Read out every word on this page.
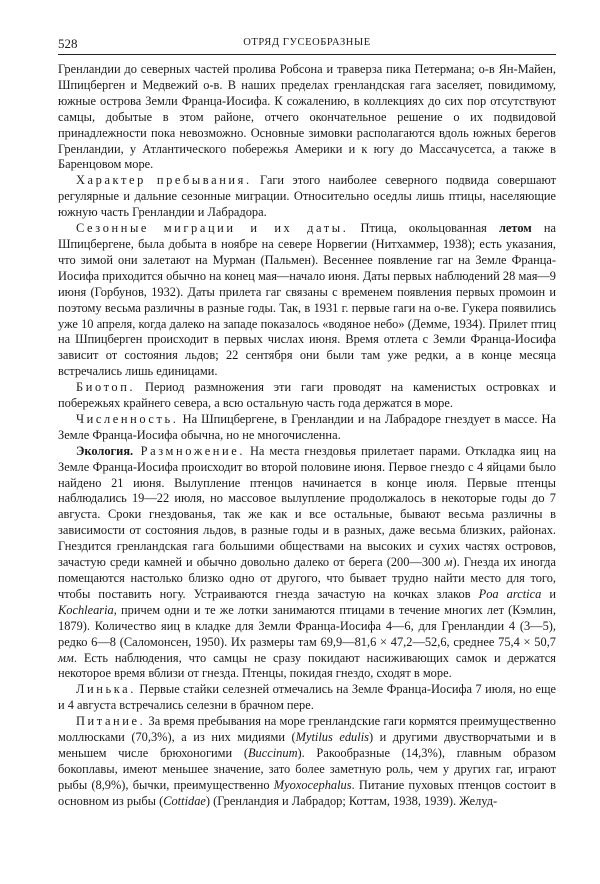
528	ОТРЯД ГУСЕОБРАЗНЫЕ

Гренландии до северных частей пролива Робсона и траверза пика Петермана; о-в Ян-Майен, Шпицберген и Медвежий о-в. В наших пределах гренландская гага заселяет, повидимому, южные острова Земли Франца-Иосифа. К сожалению, в коллекциях до сих пор отсутствуют самцы, добытые в этом районе, отчего окончательное решение о их подвидовой принадлежности пока невозможно. Основные зимовки располагаются вдоль южных берегов Гренландии, у Атлантического побережья Америки и к югу до Массачусетса, а также в Баренцовом море.

Характер пребывания. Гаги этого наиболее северного подвида совершают регулярные и дальние сезонные миграции. Относительно оседлы лишь птицы, населяющие южную часть Гренландии и Лабрадора.

Сезонные миграции и их даты. Птица, окольцованная летом на Шпицбергене, была добыта в ноябре на севере Норвегии (Нитхаммер, 1938); есть указания, что зимой они залетают на Мурман (Пальмен). Весеннее появление гаг на Земле Франца-Иосифа приходится обычно на конец мая—начало июня. Даты первых наблюдений 28 мая—9 июня (Горбунов, 1932). Даты прилета гаг связаны с временем появления первых промоин и поэтому весьма различны в разные годы. Так, в 1931 г. первые гаги на о-ве. Гукера появились уже 10 апреля, когда далеко на западе показалось «водяное небо» (Демме, 1934). Прилет птиц на Шпицберген происходит в первых числах июня. Время отлета с Земли Франца-Иосифа зависит от состояния льдов; 22 сентября они были там уже редки, а в конце месяца встречались лишь единицами.

Биотоп. Период размножения эти гаги проводят на каменистых островках и побережьях крайнего севера, а всю остальную часть года держатся в море.

Численность. На Шпицбергене, в Гренландии и на Лабрадоре гнездует в массе. На Земле Франца-Иосифа обычна, но не многочисленна.

Экология. Размножение. На места гнездовья прилетает парами. Откладка яиц на Земле Франца-Иосифа происходит во второй половине июня. Первое гнездо с 4 яйцами было найдено 21 июня. Вылупление птенцов начинается в конце июля. Первые птенцы наблюдались 19—22 июля, но массовое вылупление продолжалось в некоторые годы до 7 августа. Сроки гнездованья, так же как и все остальные, бывают весьма различны в зависимости от состояния льдов, в разные годы и в разных, даже весьма близких, районах. Гнездится гренландская гага большими обществами на высоких и сухих частях островов, зачастую среди камней и обычно довольно далеко от берега (200—300 м). Гнезда их иногда помещаются настолько близко одно от другого, что бывает трудно найти место для того, чтобы поставить ногу. Устраиваются гнезда зачастую на кочках злаков Poa arctica и Kochlearia, причем одни и те же лотки занимаются птицами в течение многих лет (Кэмлин, 1879). Количество яиц в кладке для Земли Франца-Иосифа 4—6, для Гренландии 4 (3—5), редко 6—8 (Саломонсен, 1950). Их размеры там 69,9—81,6 × 47,2—52,6, среднее 75,4 × 50,7 мм. Есть наблюдения, что самцы не сразу покидают насиживающих самок и держатся некоторое время вблизи от гнезда. Птенцы, покидая гнездо, сходят в море.

Линька. Первые стайки селезней отмечались на Земле Франца-Иосифа 7 июля, но еще и 4 августа встречались селезни в брачном пере.

Питание. За время пребывания на море гренландские гаги кормятся преимущественно моллюсками (70,3%), а из них мидиями (Mytilus edulis) и другими двустворчатыми и в меньшем числе брюхоногими (Buccinum). Ракообразные (14,3%), главным образом бокоплавы, имеют меньшее значение, зато более заметную роль, чем у других гаг, играют рыбы (8,9%), бычки, преимущественно Myoxocephalus. Питание пуховых птенцов состоит в основном из рыбы (Cottidae) (Гренландия и Лабрадор; Коттам, 1938, 1939). Желуд-
